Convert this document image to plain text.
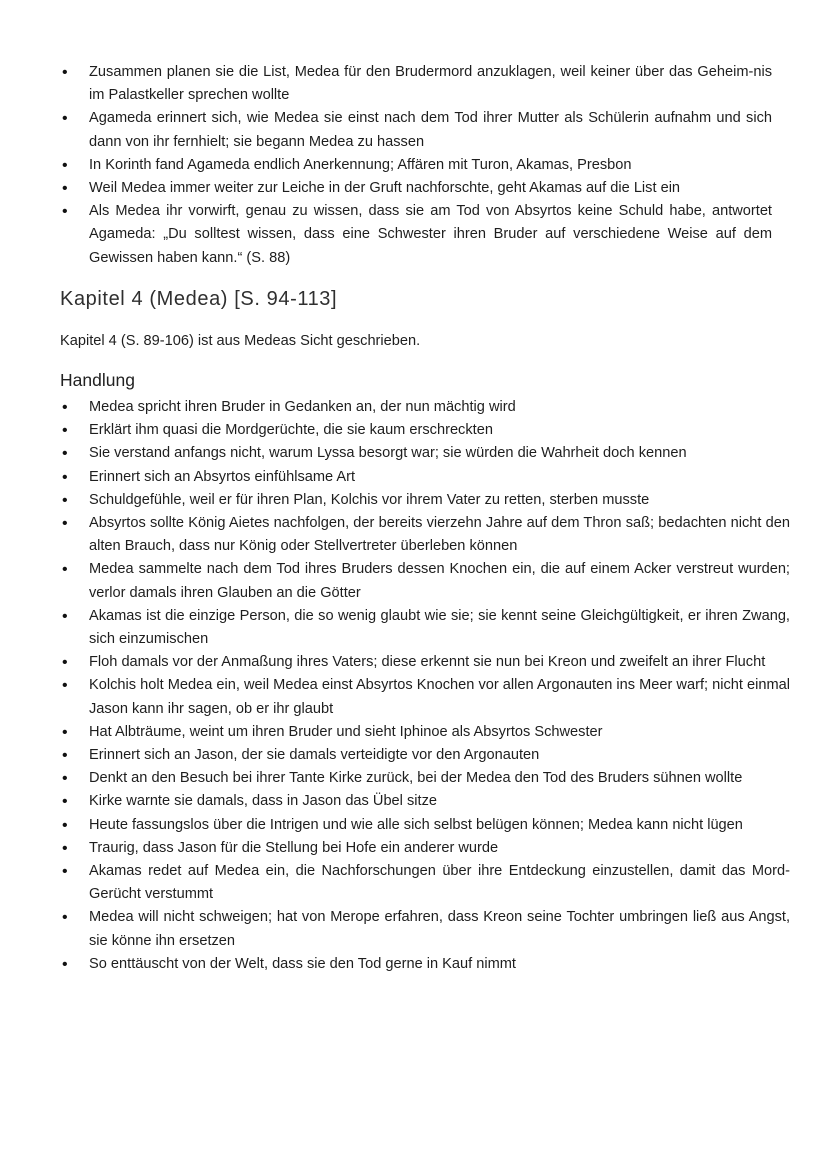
• Zusammen planen sie die List, Medea für den Brudermord anzuklagen, weil keiner über das Geheim-nis im Palastkeller sprechen wollte
• Agameda erinnert sich, wie Medea sie einst nach dem Tod ihrer Mutter als Schülerin aufnahm und sich dann von ihr fernhielt; sie begann Medea zu hassen
• In Korinth fand Agameda endlich Anerkennung; Affären mit Turon, Akamas, Presbon
• Weil Medea immer weiter zur Leiche in der Gruft nachforschte, geht Akamas auf die List ein
• Als Medea ihr vorwirft, genau zu wissen, dass sie am Tod von Absyrtos keine Schuld habe, antwortet Agameda: „Du solltest wissen, dass eine Schwester ihren Bruder auf verschiedene Weise auf dem Gewissen haben kann.“ (S. 88)
Kapitel 4 (Medea) [S. 94-113]

Kapitel 4 (S. 89-106) ist aus Medeas Sicht geschrieben.

Handlung
• Medea spricht ihren Bruder in Gedanken an, der nun mächtig wird
• Erklärt ihm quasi die Mordgerüchte, die sie kaum erschreckten
• Sie verstand anfangs nicht, warum Lyssa besorgt war; sie würden die Wahrheit doch kennen
• Erinnert sich an Absyrtos einfühlsame Art
• Schuldgefühle, weil er für ihren Plan, Kolchis vor ihrem Vater zu retten, sterben musste
• Absyrtos sollte König Aietes nachfolgen, der bereits vierzehn Jahre auf dem Thron saß; bedachten nicht den alten Brauch, dass nur König oder Stellvertreter überleben können
• Medea sammelte nach dem Tod ihres Bruders dessen Knochen ein, die auf einem Acker verstreut wurden; verlor damals ihren Glauben an die Götter
• Akamas ist die einzige Person, die so wenig glaubt wie sie; sie kennt seine Gleichgültigkeit, er ihren Zwang, sich einzumischen
• Floh damals vor der Anmaßung ihres Vaters; diese erkennt sie nun bei Kreon und zweifelt an ihrer Flucht
• Kolchis holt Medea ein, weil Medea einst Absyrtos Knochen vor allen Argonauten ins Meer warf; nicht einmal Jason kann ihr sagen, ob er ihr glaubt
• Hat Albträume, weint um ihren Bruder und sieht Iphinoe als Absyrtos Schwester
• Erinnert sich an Jason, der sie damals verteidigte vor den Argonauten
• Denkt an den Besuch bei ihrer Tante Kirke zurück, bei der Medea den Tod des Bruders sühnen wollte
• Kirke warnte sie damals, dass in Jason das Übel sitze
• Heute fassungslos über die Intrigen und wie alle sich selbst belügen können; Medea kann nicht lügen
• Traurig, dass Jason für die Stellung bei Hofe ein anderer wurde
• Akamas redet auf Medea ein, die Nachforschungen über ihre Entdeckung einzustellen, damit das Mord-Gerücht verstummt
• Medea will nicht schweigen; hat von Merope erfahren, dass Kreon seine Tochter umbringen ließ aus Angst, sie könne ihn ersetzen
• So enttäuscht von der Welt, dass sie den Tod gerne in Kauf nimmt
